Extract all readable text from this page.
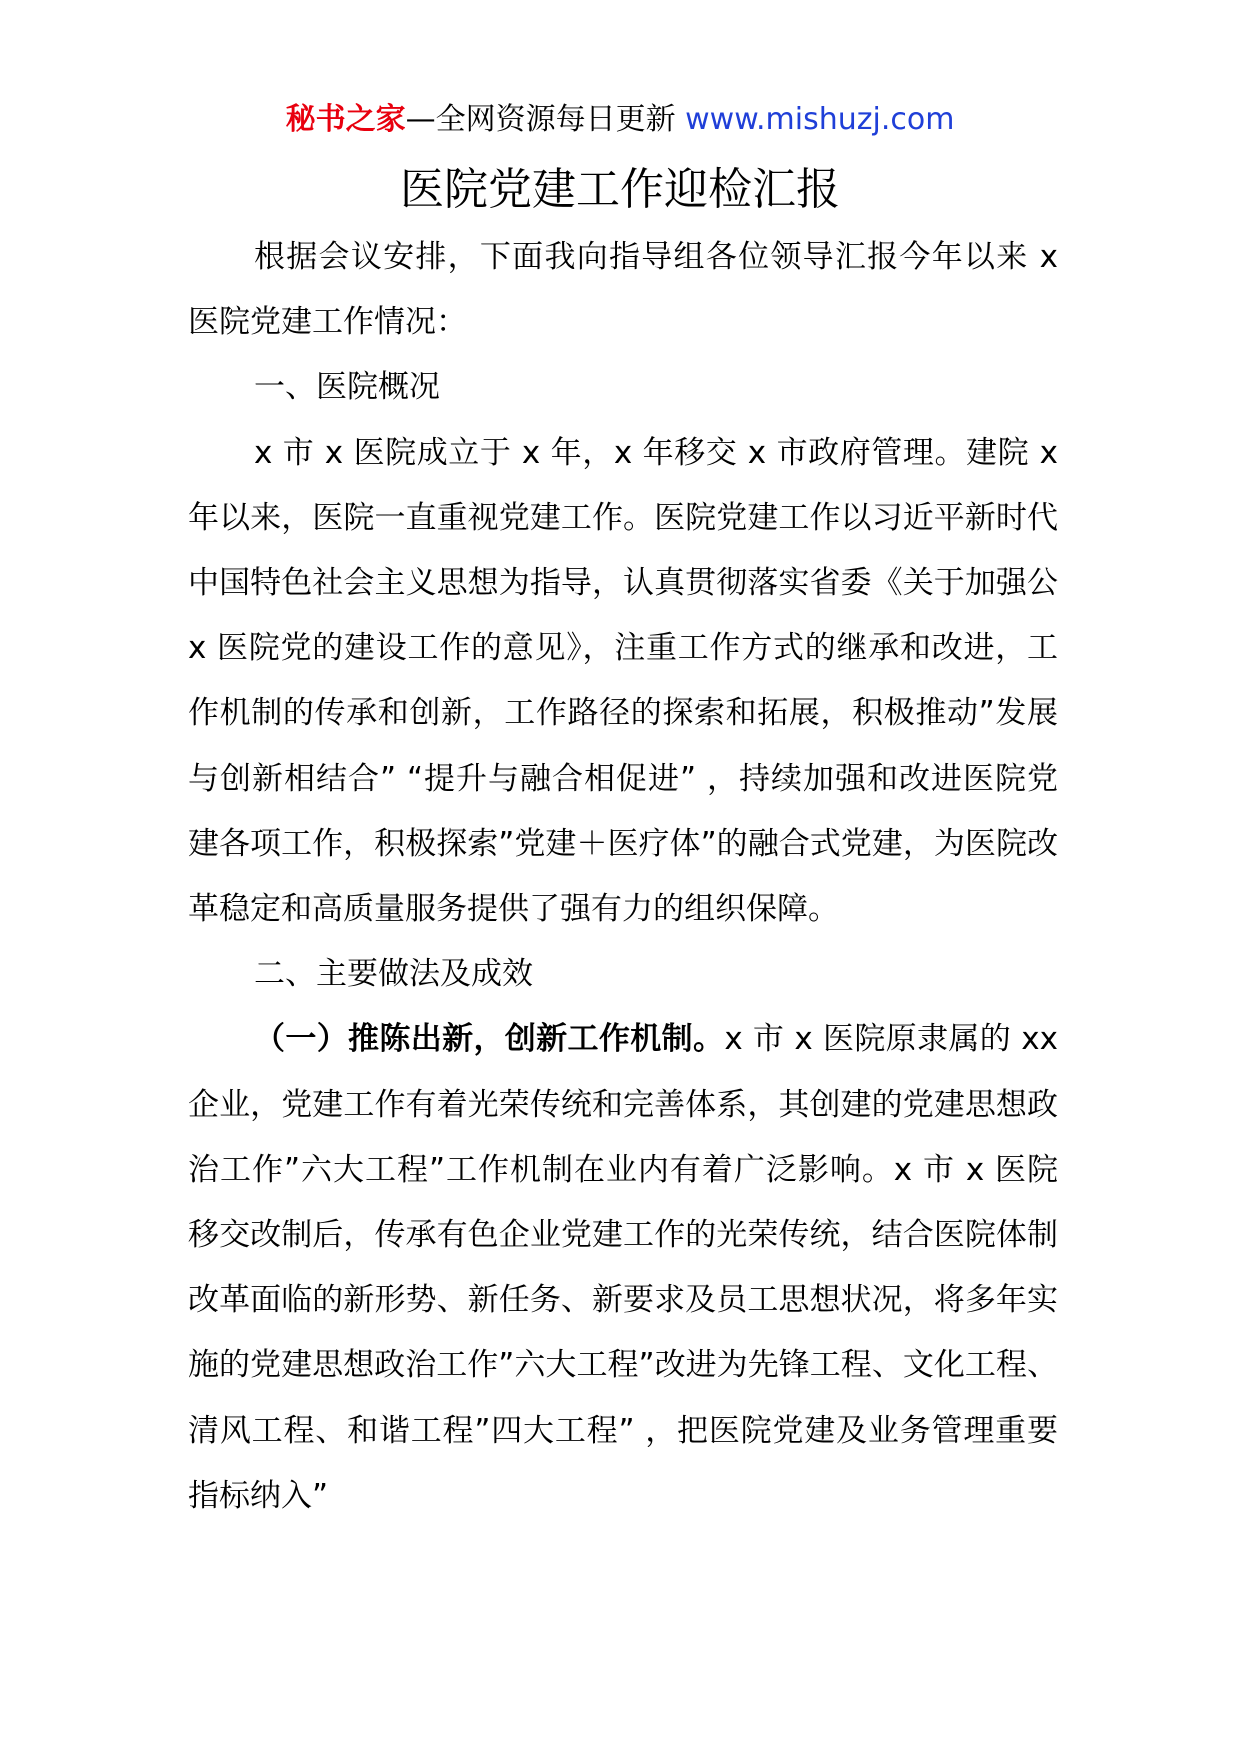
秘书之家—全网资源每日更新 www.mishuzj.com
医院党建工作迎检汇报

根据会议安排，下面我向指导组各位领导汇报今年以来 x 医院党建工作情况：

一、医院概况

x 市 x 医院成立于 x 年，x 年移交 x 市政府管理。建院 x 年以来，医院一直重视党建工作。医院党建工作以习近平新时代中国特色社会主义思想为指导，认真贯彻落实省委《关于加强公 x 医院党的建设工作的意见》，注重工作方式的继承和改进，工作机制的传承和创新，工作路径的探索和拓展，积极推动”发展与创新相结合” “提升与融合相促进” ，持续加强和改进医院党建各项工作，积极探索”党建＋医疗体”的融合式党建，为医院改革稳定和高质量服务提供了强有力的组织保障。

二、主要做法及成效

（一）推陈出新，创新工作机制。x 市 x 医院原隶属的 xx 企业，党建工作有着光荣传统和完善体系，其创建的党建思想政治工作”六大工程”工作机制在业内有着广泛影响。x 市 x 医院移交改制后，传承有色企业党建工作的光荣传统，结合医院体制改革面临的新形势、新任务、新要求及员工思想状况，将多年实施的党建思想政治工作”六大工程”改进为先锋工程、文化工程、清风工程、和谐工程”四大工程” ，把医院党建及业务管理重要指标纳入”
